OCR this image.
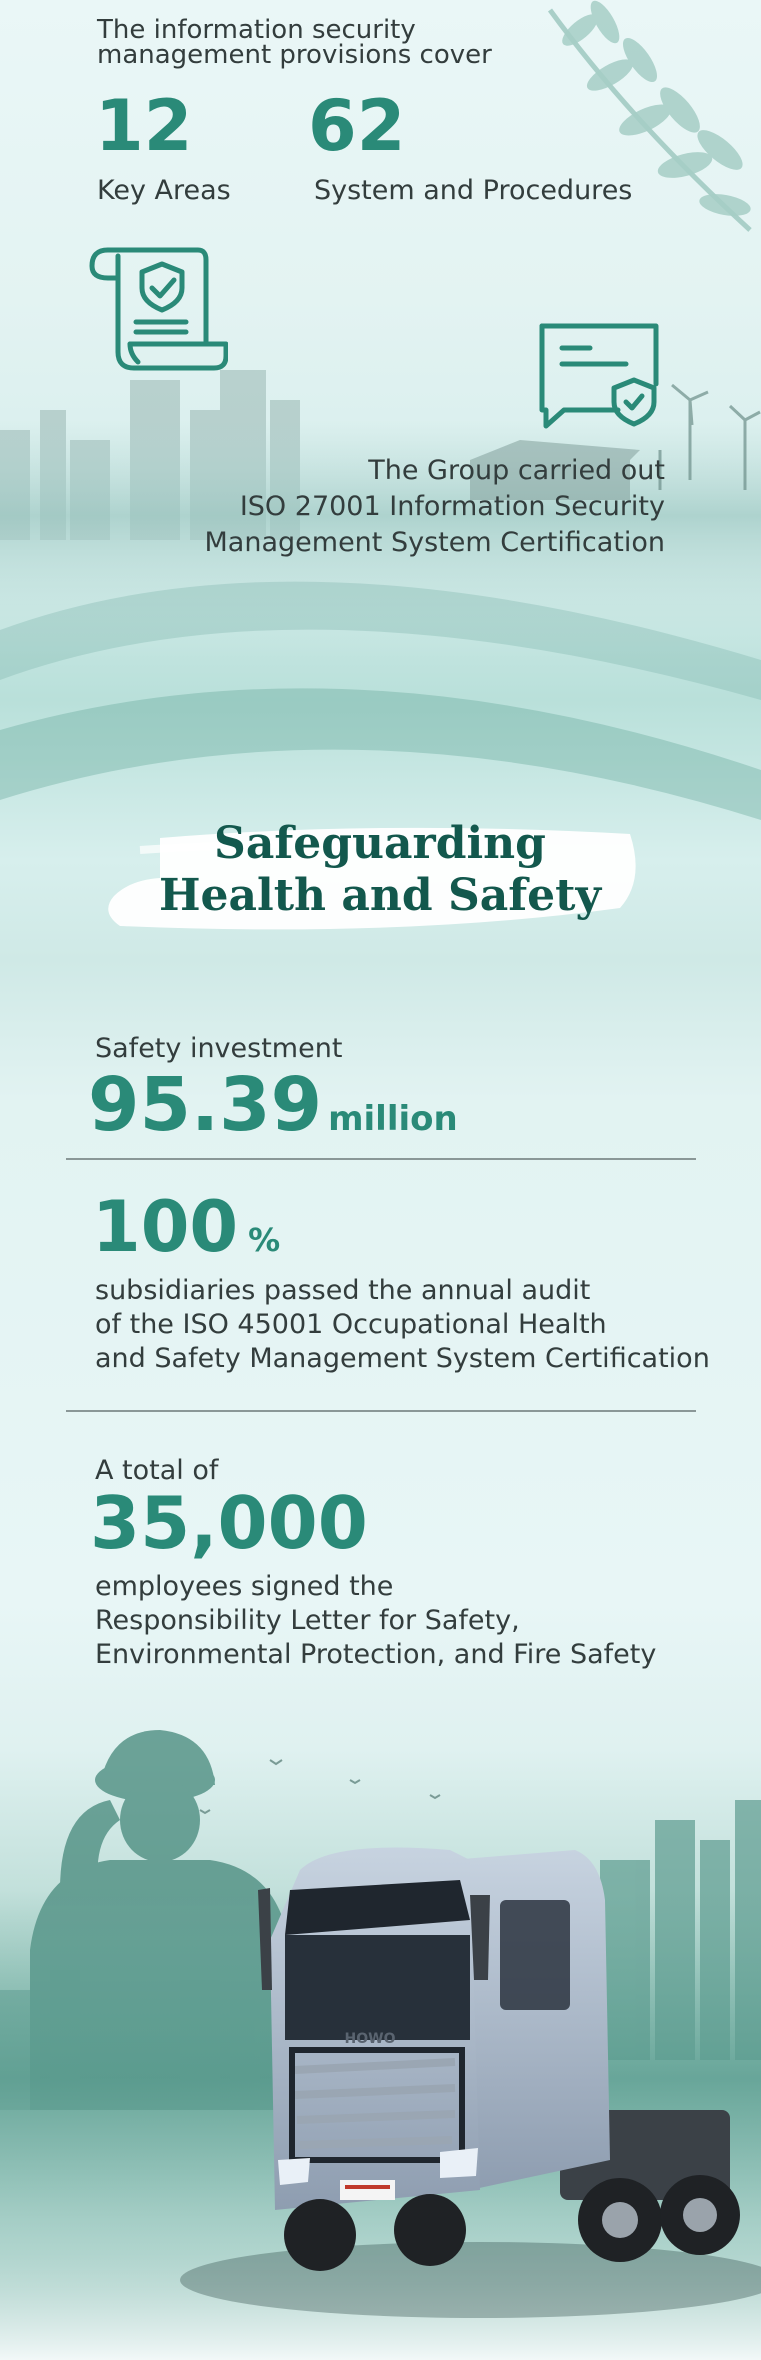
The information security management provisions cover
12
Key Areas
62
System and Procedures
The Group carried out
ISO 27001 Information Security
Management System Certification
Safeguarding
Health and Safety
Safety investment
95.39 million
100 %
subsidiaries passed the annual audit
of the ISO 45001 Occupational Health
and Safety Management System Certification
A total of
35,000
employees signed the
Responsibility Letter for Safety,
Environmental Protection, and Fire Safety
HOWO
